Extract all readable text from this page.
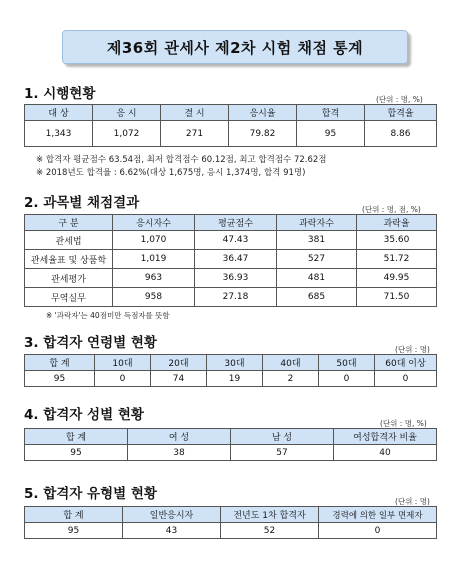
제36회 관세사 제2차 시험 채점 통계
1. 시행현황	(단위 : 명, %)
대 상	응 시	결 시	응시율	합격	합격율
1,343	1,072	271	79.82	95	8.86
※ 합격자 평균점수 63.54점, 최저 합격점수 60.12점, 최고 합격점수 72.62점
※ 2018년도 합격율 : 6.62%(대상 1,675명, 응시 1,374명, 합격 91명)
2. 과목별 채점결과	(단위 : 명, 점, %)
구 분	응시자수	평균점수	과락자수	과락율
관세법	1,070	47.43	381	35.60
관세율표 및 상품학	1,019	36.47	527	51.72
관세평가	963	36.93	481	49.95
무역실무	958	27.18	685	71.50
※ '과락자'는 40점미만 득점자를 뜻함
3. 합격자 연령별 현황	(단위 : 명)
합 계	10대	20대	30대	40대	50대	60대 이상
95	0	74	19	2	0	0
4. 합격자 성별 현황
(단위 : 명, %)
합 계	여 성	남 성	여성합격자 비율
95	38	57	40
5. 합격자 유형별 현황	(단위 : 명)
합 계	일반응시자	전년도 1차 합격자	경력에 의한 일부 면제자
95	43	52	0
